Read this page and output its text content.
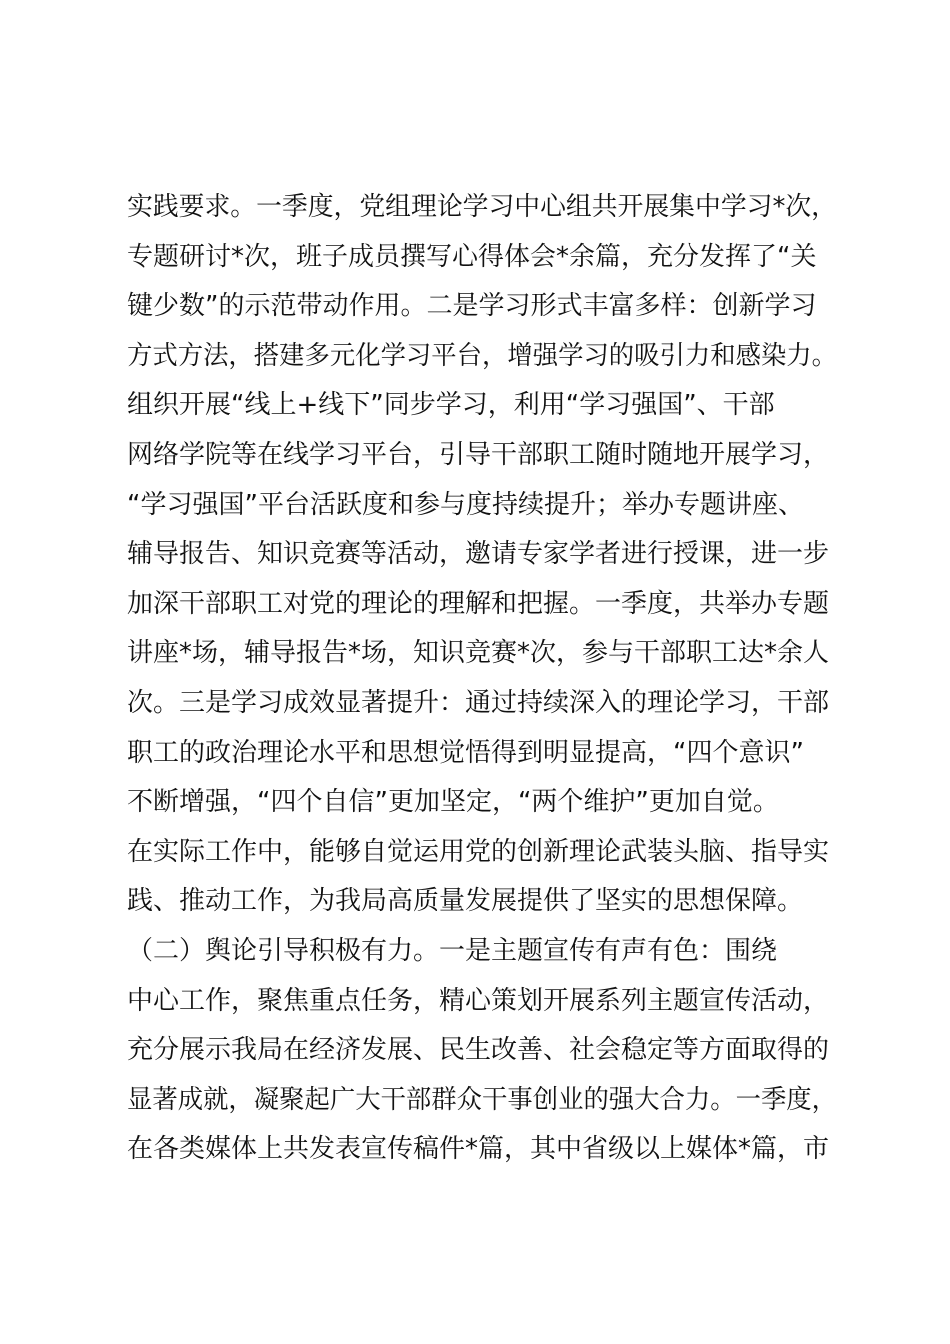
实践要求。一季度，党组理论学习中心组共开展集中学习*次，
专题研讨*次，班子成员撰写心得体会*余篇，充分发挥了“关
键少数”的示范带动作用。二是学习形式丰富多样：创新学习
方式方法，搭建多元化学习平台，增强学习的吸引力和感染力。
组织开展“线上+线下”同步学习，利用“学习强国”、干部
网络学院等在线学习平台，引导干部职工随时随地开展学习，
“学习强国”平台活跃度和参与度持续提升；举办专题讲座、
辅导报告、知识竞赛等活动，邀请专家学者进行授课，进一步
加深干部职工对党的理论的理解和把握。一季度，共举办专题
讲座*场，辅导报告*场，知识竞赛*次，参与干部职工达*余人
次。三是学习成效显著提升：通过持续深入的理论学习，干部
职工的政治理论水平和思想觉悟得到明显提高，“四个意识”
不断增强，“四个自信”更加坚定，“两个维护”更加自觉。
在实际工作中，能够自觉运用党的创新理论武装头脑、指导实
践、推动工作，为我局高质量发展提供了坚实的思想保障。
（二）舆论引导积极有力。一是主题宣传有声有色：围绕
中心工作，聚焦重点任务，精心策划开展系列主题宣传活动，
充分展示我局在经济发展、民生改善、社会稳定等方面取得的
显著成就，凝聚起广大干部群众干事创业的强大合力。一季度，
在各类媒体上共发表宣传稿件*篇，其中省级以上媒体*篇，市
